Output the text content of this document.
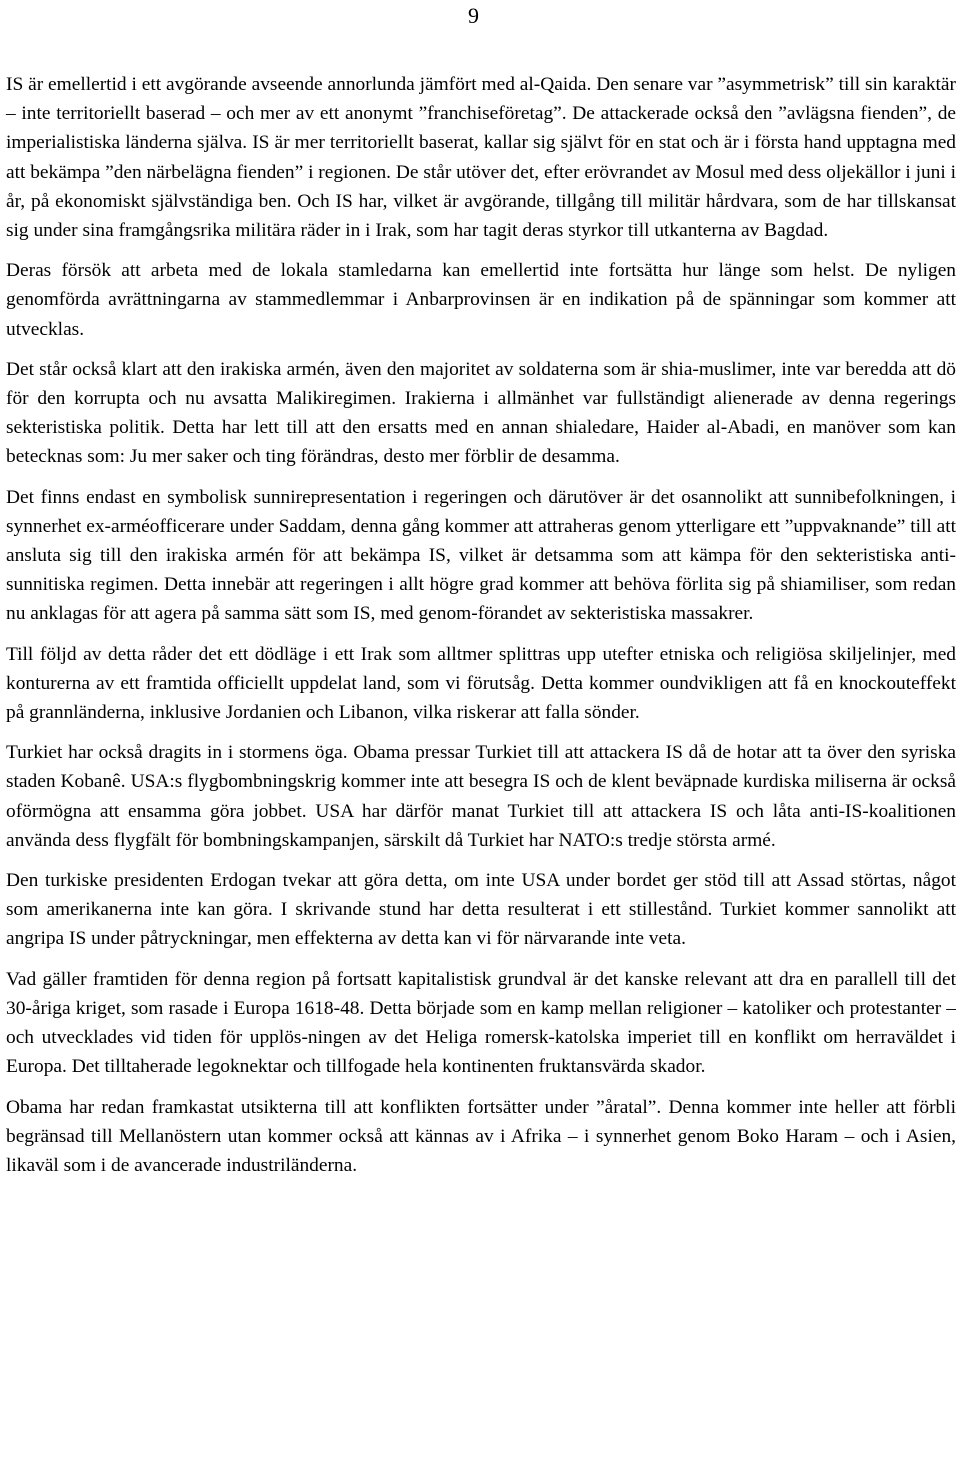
9

IS är emellertid i ett avgörande avseende annorlunda jämfört med al-Qaida. Den senare var ”asymmetrisk” till sin karaktär – inte territoriellt baserad – och mer av ett anonymt ”franchiseföretag”. De attackerade också den ”avlägsna fienden”, de imperialistiska länderna själva. IS är mer territoriellt baserat, kallar sig självt för en stat och är i första hand upptagna med att bekämpa ”den närbelägna fienden” i regionen. De står utöver det, efter erövrandet av Mosul med dess oljekällor i juni i år, på ekonomiskt självständiga ben. Och IS har, vilket är avgörande, tillgång till militär hårdvara, som de har tillskansat sig under sina framgångsrika militära räder in i Irak, som har tagit deras styrkor till utkanterna av Bagdad.

Deras försök att arbeta med de lokala stamledarna kan emellertid inte fortsätta hur länge som helst. De nyligen genomförda avrättningarna av stammedlemmar i Anbarprovinsen är en indikation på de spänningar som kommer att utvecklas.

Det står också klart att den irakiska armén, även den majoritet av soldaterna som är shia-muslimer, inte var beredda att dö för den korrupta och nu avsatta Malikiregimen. Irakierna i allmänhet var fullständigt alienerade av denna regerings sekteristiska politik. Detta har lett till att den ersatts med en annan shialedare, Haider al-Abadi, en manöver som kan betecknas som: Ju mer saker och ting förändras, desto mer förblir de desamma.

Det finns endast en symbolisk sunnirepresentation i regeringen och därutöver är det osannolikt att sunnibefolkningen, i synnerhet ex-arméofficerare under Saddam, denna gång kommer att attraheras genom ytterligare ett ”uppvaknande” till att ansluta sig till den irakiska armén för att bekämpa IS, vilket är detsamma som att kämpa för den sekteristiska anti-sunnitiska regimen. Detta innebär att regeringen i allt högre grad kommer att behöva förlita sig på shiamiliser, som redan nu anklagas för att agera på samma sätt som IS, med genom-förandet av sekteristiska massakrer.

Till följd av detta råder det ett dödläge i ett Irak som alltmer splittras upp utefter etniska och religiösa skiljelinjer, med konturerna av ett framtida officiellt uppdelat land, som vi förutsåg. Detta kommer oundvikligen att få en knockouteffekt på grannländerna, inklusive Jordanien och Libanon, vilka riskerar att falla sönder.

Turkiet har också dragits in i stormens öga. Obama pressar Turkiet till att attackera IS då de hotar att ta över den syriska staden Kobanê. USA:s flygbombningskrig kommer inte att besegra IS och de klent beväpnade kurdiska miliserna är också oförmögna att ensamma göra jobbet. USA har därför manat Turkiet till att attackera IS och låta anti-IS-koalitionen använda dess flygfält för bombningskampanjen, särskilt då Turkiet har NATO:s tredje största armé.

Den turkiske presidenten Erdogan tvekar att göra detta, om inte USA under bordet ger stöd till att Assad störtas, något som amerikanerna inte kan göra. I skrivande stund har detta resulterat i ett stillestånd. Turkiet kommer sannolikt att angripa IS under påtryckningar, men effekterna av detta kan vi för närvarande inte veta.

Vad gäller framtiden för denna region på fortsatt kapitalistisk grundval är det kanske relevant att dra en parallell till det 30-åriga kriget, som rasade i Europa 1618-48. Detta började som en kamp mellan religioner – katoliker och protestanter – och utvecklades vid tiden för upplös-ningen av det Heliga romersk-katolska imperiet till en konflikt om herraväldet i Europa. Det tilltaherade legoknektar och tillfogade hela kontinenten fruktansvärda skador.

Obama har redan framkastat utsikterna till att konflikten fortsätter under ”åratal”. Denna kommer inte heller att förbli begränsad till Mellanöstern utan kommer också att kännas av i Afrika – i synnerhet genom Boko Haram – och i Asien, likaväl som i de avancerade industriländerna.
